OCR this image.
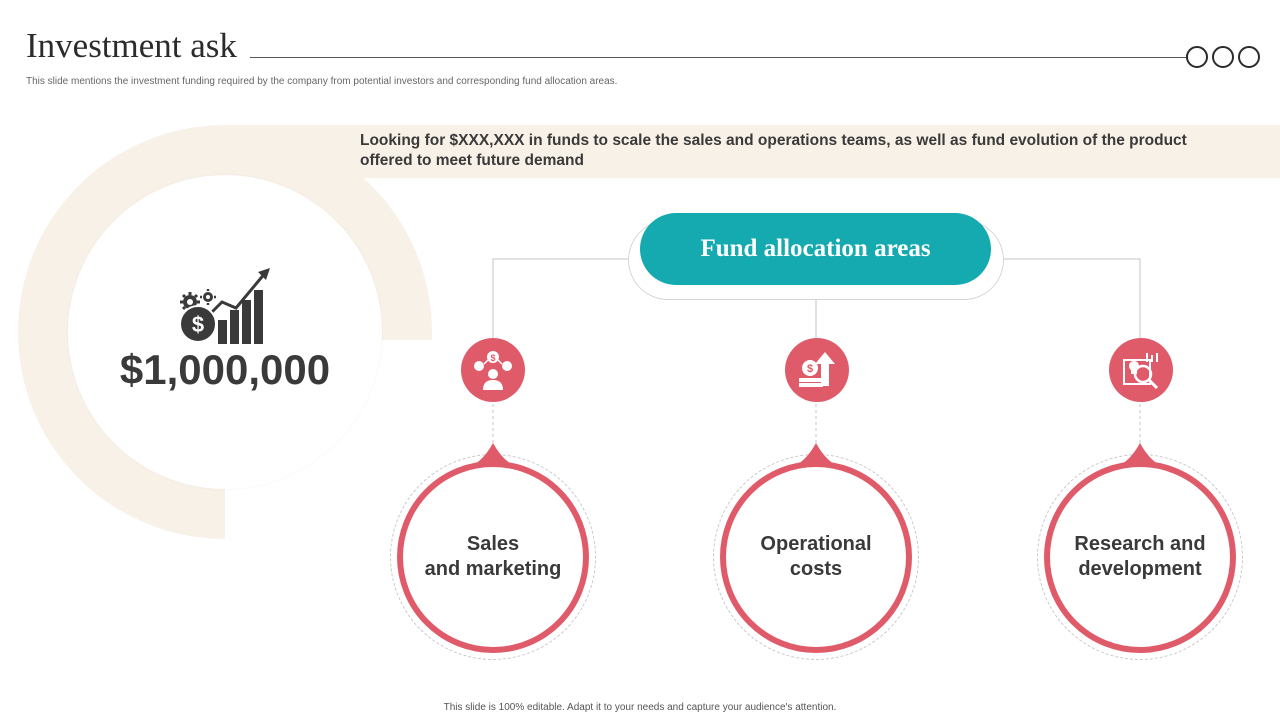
Investment ask

This slide mentions the investment funding required by the company from potential investors and corresponding fund allocation areas.

Looking for $XXX,XXX in funds to scale the sales and operations teams, as well as fund evolution of the product offered to meet future demand

$

$1,000,000

Fund allocation areas
$
Sales
and marketing
$
Operational
costs
Research and
development

This slide is 100% editable. Adapt it to your needs and capture your audience's attention.
